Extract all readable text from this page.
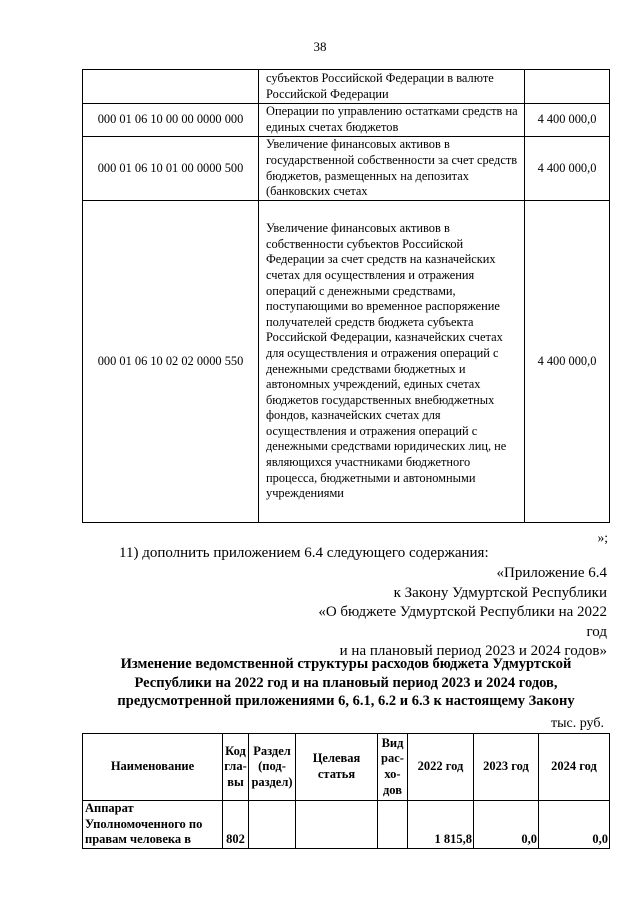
38
	субъектов Российской Федерации в валюте Российской Федерации	
000 01 06 10 00 00 0000 000	Операции по управлению остатками средств на единых счетах бюджетов	4 400 000,0
000 01 06 10 01 00 0000 500	Увеличение финансовых активов в государственной собственности за счет средств бюджетов, размещенных на депозитах (банковских счетах	4 400 000,0
000 01 06 10 02 02 0000 550	Увеличение финансовых активов в собственности субъектов Российской Федерации за счет средств на казначейских счетах для осуществления и отражения операций с денежными средствами, поступающими во временное распоряжение получателей средств бюджета субъекта Российской Федерации, казначейских счетах для осуществления и отражения операций с денежными средствами бюджетных и автономных учреждений, единых счетах бюджетов государственных внебюджетных фондов, казначейских счетах для осуществления и отражения операций с денежными средствами юридических лиц, не являющихся участниками бюджетного процесса, бюджетными и автономными учреждениями	4 400 000,0
»;
11) дополнить приложением 6.4 следующего содержания:
«Приложение 6.4
к Закону Удмуртской Республики
«О бюджете Удмуртской Республики на 2022 год
и на плановый период 2023 и 2024 годов»
Изменение ведомственной структуры расходов бюджета Удмуртской Республики на 2022 год и на плановый период 2023 и 2024 годов, предусмотренной приложениями 6, 6.1, 6.2 и 6.3 к настоящему Закону
тыс. руб.
Наименование	Код гла-вы	Раздел (под-раздел)	Целевая статья	Вид рас-хо-дов	2022 год	2023 год	2024 год
Аппарат Уполномоченного по правам человека в	802				1 815,8	0,0	0,0
